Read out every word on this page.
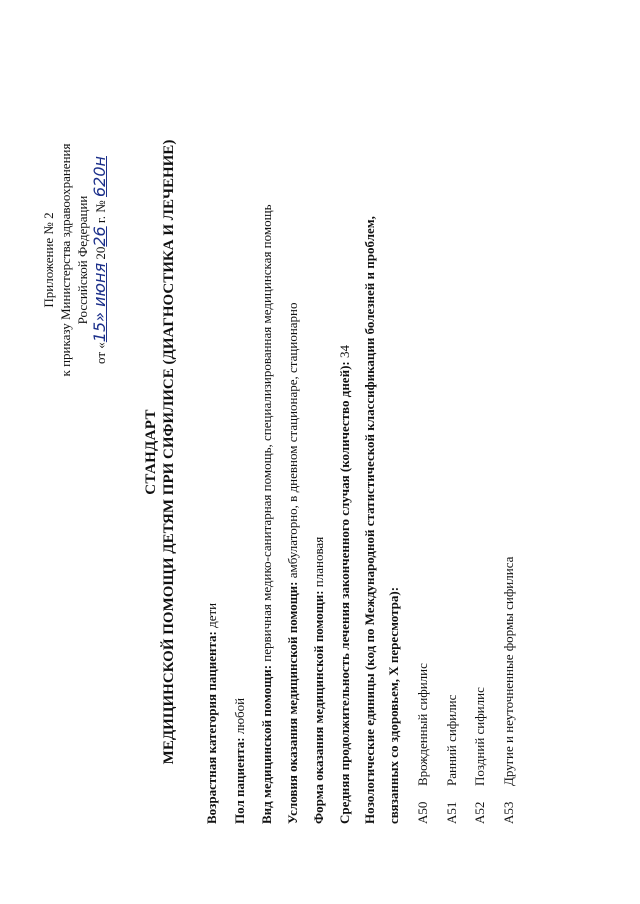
Приложение № 2 к приказу Министерства здравоохранения Российской Федерации
от «15» июня 2026 г. № 620н
СТАНДАРТ МЕДИЦИНСКОЙ ПОМОЩИ ДЕТЯМ ПРИ СИФИЛИСЕ (ДИАГНОСТИКА И ЛЕЧЕНИЕ) Возрастная категория пациента: дети
Пол пациента: любой Вид медицинской помощи: первичная медико-санитарная помощь, специализированная медицинская помощь
Условия оказания медицинской помощи: амбулаторно, в дневном стационаре, стационарно
Форма оказания медицинской помощи: плановая Средняя продолжительность лечения законченного случая (количество дней): 34 Нозологические единицы (код по Международной статистической классификации болезней и проблем, связанных со здоровьем, X пересмотра): A50Врожденный сифилис
A51Ранний сифилис
A52Поздний сифилис
A53Другие и неуточненные формы сифилиса
